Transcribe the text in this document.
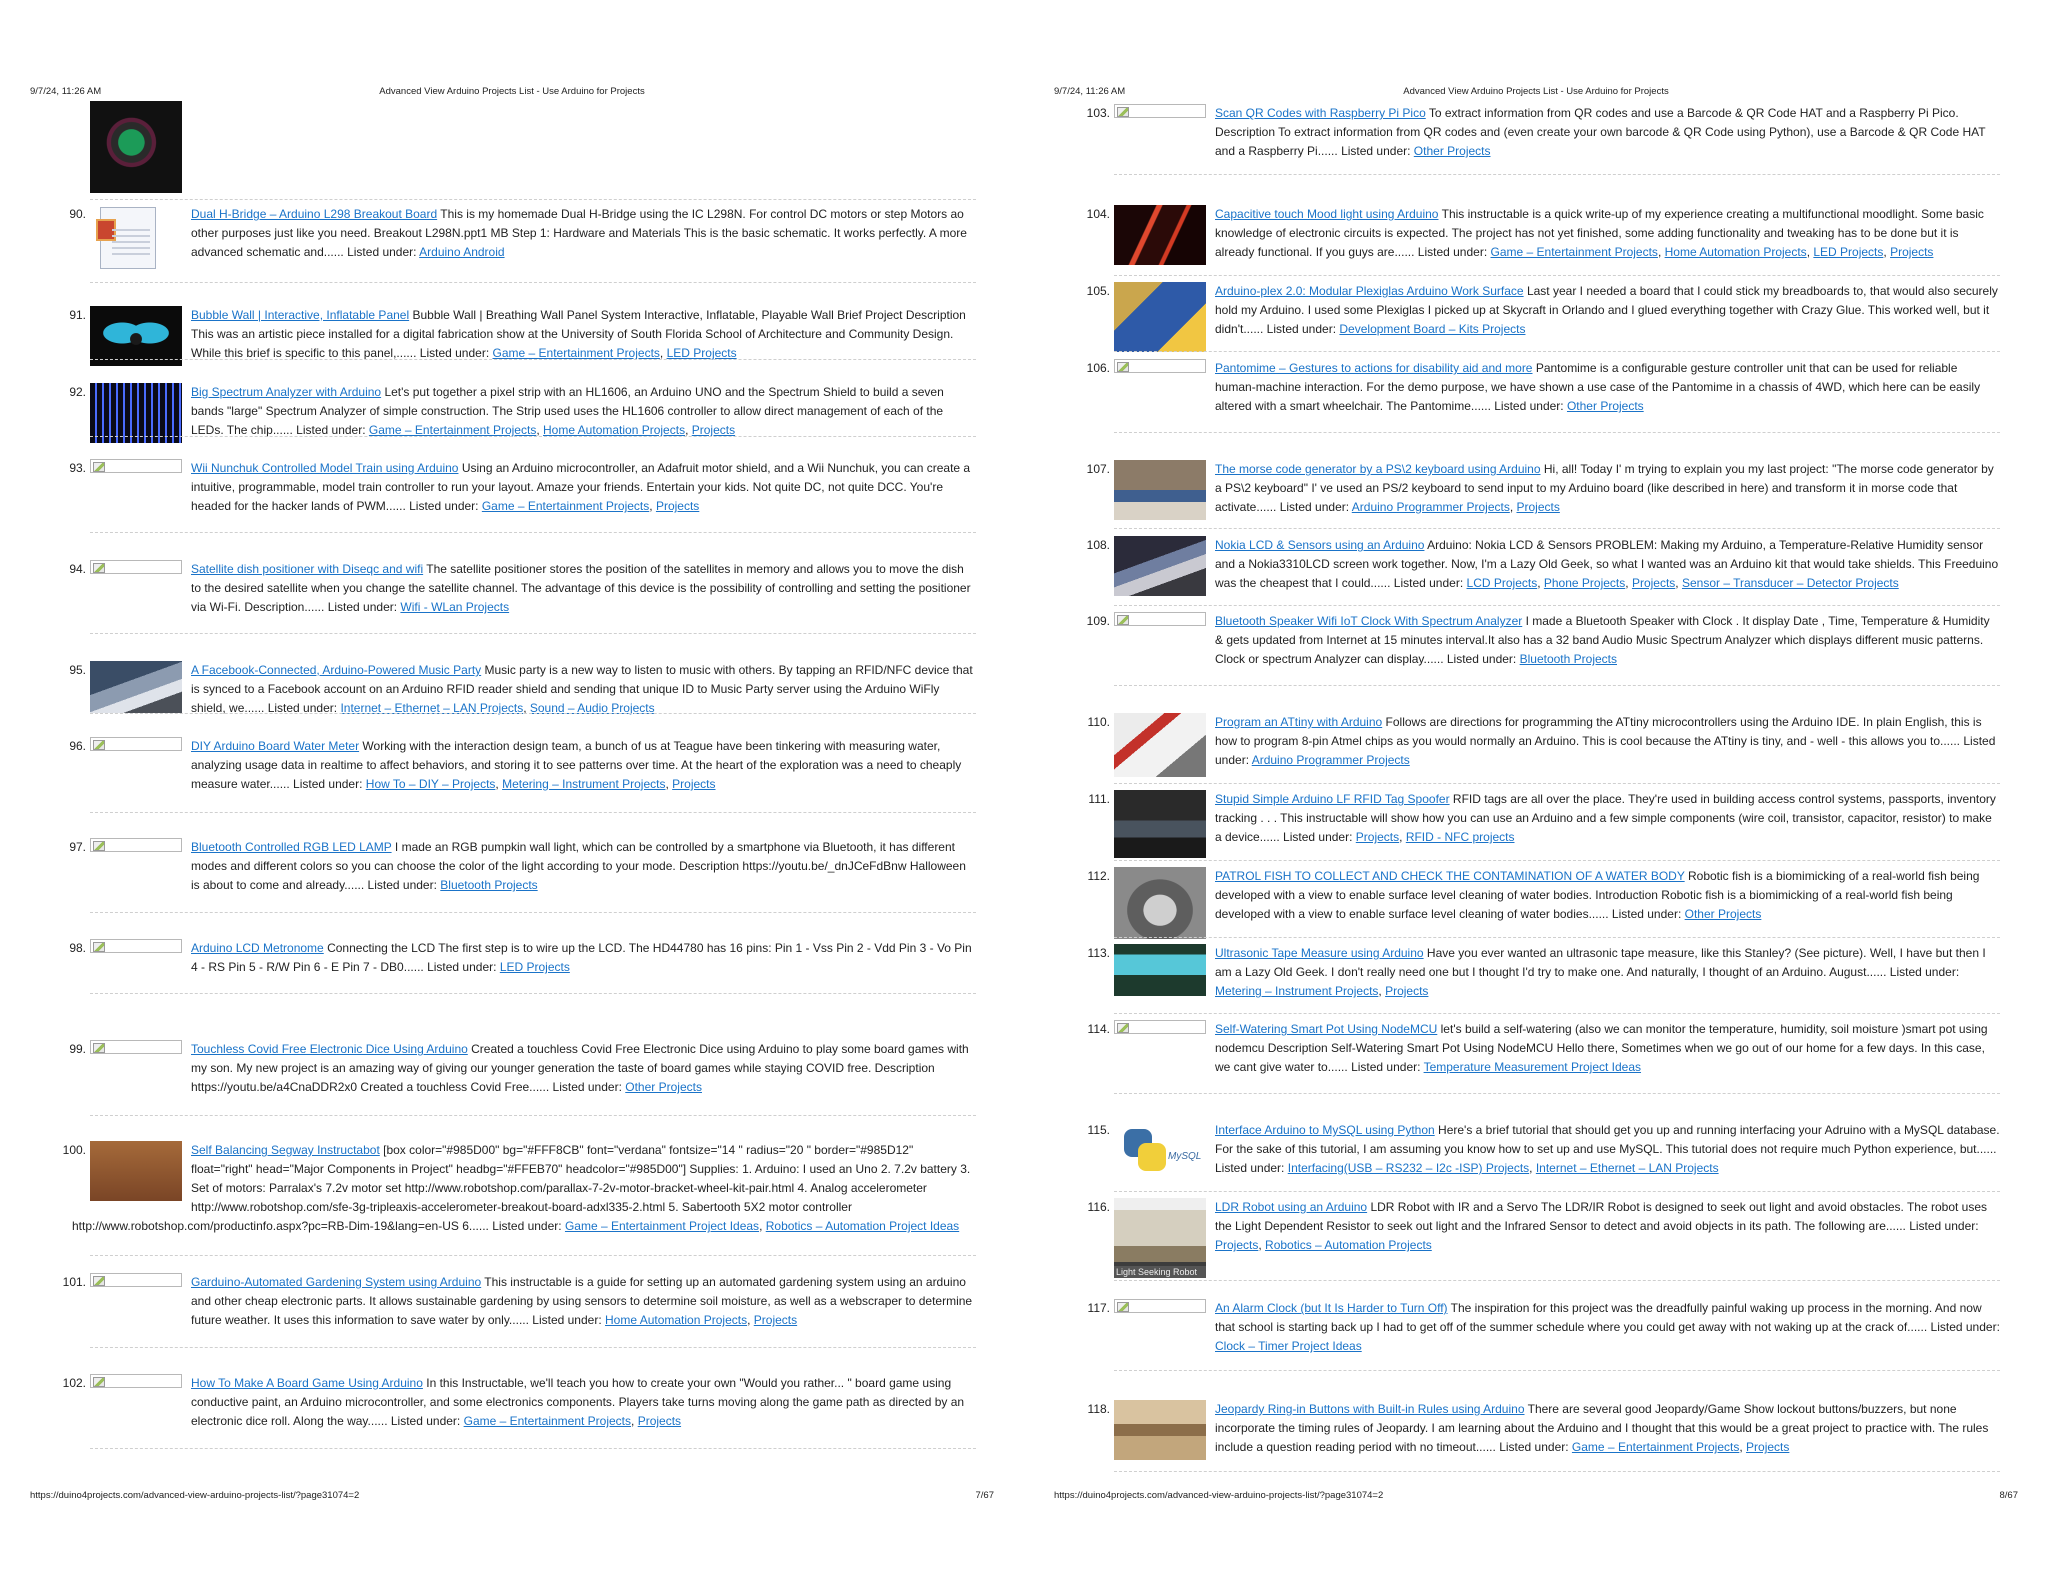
9/7/24, 11:26 AM	Advanced View Arduino Projects List - Use Arduino for Projects
90.	Dual H-Bridge – Arduino L298 Breakout Board This is my homemade Dual H-Bridge using the IC L298N. For control DC motors or step Motors ao other purposes just like you need. Breakout L298N.ppt1 MB Step 1: Hardware and Materials This is the basic schematic. It works perfectly. A more advanced schematic and...... Listed under: Arduino Android
91.	Bubble Wall | Interactive, Inflatable Panel Bubble Wall | Breathing Wall Panel System Interactive, Inflatable, Playable Wall Brief Project Description This was an artistic piece installed for a digital fabrication show at the University of South Florida School of Architecture and Community Design. While this brief is specific to this panel,...... Listed under: Game – Entertainment Projects, LED Projects
92.	Big Spectrum Analyzer with Arduino Let's put together a pixel strip with an HL1606, an Arduino UNO and the Spectrum Shield to build a seven bands "large" Spectrum Analyzer of simple construction. The Strip used uses the HL1606 controller to allow direct management of each of the LEDs. The chip...... Listed under: Game – Entertainment Projects, Home Automation Projects, Projects
93.	Wii Nunchuk Controlled Model Train using Arduino Using an Arduino microcontroller, an Adafruit motor shield, and a Wii Nunchuk, you can create a intuitive, programmable, model train controller to run your layout. Amaze your friends. Entertain your kids. Not quite DC, not quite DCC. You're headed for the hacker lands of PWM...... Listed under: Game – Entertainment Projects, Projects
94.	Satellite dish positioner with Diseqc and wifi The satellite positioner stores the position of the satellites in memory and allows you to move the dish to the desired satellite when you change the satellite channel. The advantage of this device is the possibility of controlling and setting the positioner via Wi-Fi. Description...... Listed under: Wifi - WLan Projects
95.	A Facebook-Connected, Arduino-Powered Music Party Music party is a new way to listen to music with others. By tapping an RFID/NFC device that is synced to a Facebook account on an Arduino RFID reader shield and sending that unique ID to Music Party server using the Arduino WiFly shield, we...... Listed under: Internet – Ethernet – LAN Projects, Sound – Audio Projects
96.	DIY Arduino Board Water Meter Working with the interaction design team, a bunch of us at Teague have been tinkering with measuring water, analyzing usage data in realtime to affect behaviors, and storing it to see patterns over time. At the heart of the exploration was a need to cheaply measure water...... Listed under: How To – DIY – Projects, Metering – Instrument Projects, Projects
97.	Bluetooth Controlled RGB LED LAMP I made an RGB pumpkin wall light, which can be controlled by a smartphone via Bluetooth, it has different modes and different colors so you can choose the color of the light according to your mode. Description https://youtu.be/_dnJCeFdBnw Halloween is about to come and already...... Listed under: Bluetooth Projects
98.	Arduino LCD Metronome Connecting the LCD The first step is to wire up the LCD. The HD44780 has 16 pins: Pin 1 - Vss Pin 2 - Vdd Pin 3 - Vo Pin 4 - RS Pin 5 - R/W Pin 6 - E Pin 7 - DB0...... Listed under: LED Projects
99.	Touchless Covid Free Electronic Dice Using Arduino Created a touchless Covid Free Electronic Dice using Arduino to play some board games with my son. My new project is an amazing way of giving our younger generation the taste of board games while staying COVID free. Description https://youtu.be/a4CnaDDR2x0 Created a touchless Covid Free...... Listed under: Other Projects
100.	Self Balancing Segway Instructabot [box color="#985D00" bg="#FFF8CB" font="verdana" fontsize="14 " radius="20 " border="#985D12" float="right" head="Major Components in Project" headbg="#FFEB70" headcolor="#985D00"] Supplies: 1. Arduino: I used an Uno 2. 7.2v battery 3. Set of motors: Parralax's 7.2v motor set http://www.robotshop.com/parallax-7-2v-motor-bracket-wheel-kit-pair.html 4. Analog accelerometer http://www.robotshop.com/sfe-3g-tripleaxis-accelerometer-breakout-board-adxl335-2.html 5. Sabertooth 5X2 motor controller http://www.robotshop.com/productinfo.aspx?pc=RB-Dim-19&lang=en-US 6...... Listed under: Game – Entertainment Project Ideas, Robotics – Automation Project Ideas
101.	Garduino-Automated Gardening System using Arduino This instructable is a guide for setting up an automated gardening system using an arduino and other cheap electronic parts. It allows sustainable gardening by using sensors to determine soil moisture, as well as a webscraper to determine future weather. It uses this information to save water by only...... Listed under: Home Automation Projects, Projects
102.	How To Make A Board Game Using Arduino In this Instructable, we'll teach you how to create your own "Would you rather... " board game using conductive paint, an Arduino microcontroller, and some electronics components. Players take turns moving along the game path as directed by an electronic dice roll. Along the way...... Listed under: Game – Entertainment Projects, Projects
https://duino4projects.com/advanced-view-arduino-projects-list/?page31074=2	7/67
9/7/24, 11:26 AM	Advanced View Arduino Projects List - Use Arduino for Projects
103.	Scan QR Codes with Raspberry Pi Pico To extract information from QR codes and use a Barcode & QR Code HAT and a Raspberry Pi Pico. Description To extract information from QR codes and (even create your own barcode & QR Code using Python), use a Barcode & QR Code HAT and a Raspberry Pi...... Listed under: Other Projects
104.	Capacitive touch Mood light using Arduino This instructable is a quick write-up of my experience creating a multifunctional moodlight. Some basic knowledge of electronic circuits is expected. The project has not yet finished, some adding functionality and tweaking has to be done but it is already functional. If you guys are...... Listed under: Game – Entertainment Projects, Home Automation Projects, LED Projects, Projects
105.	Arduino-plex 2.0: Modular Plexiglas Arduino Work Surface Last year I needed a board that I could stick my breadboards to, that would also securely hold my Arduino. I used some Plexiglas I picked up at Skycraft in Orlando and I glued everything together with Crazy Glue. This worked well, but it didn't...... Listed under: Development Board – Kits Projects
106.	Pantomime – Gestures to actions for disability aid and more Pantomime is a configurable gesture controller unit that can be used for reliable human-machine interaction. For the demo purpose, we have shown a use case of the Pantomime in a chassis of 4WD, which here can be easily altered with a smart wheelchair. The Pantomime...... Listed under: Other Projects
107.	The morse code generator by a PS\2 keyboard using Arduino Hi, all! Today I' m trying to explain you my last project: "The morse code generator by a PS\2 keyboard" I' ve used an PS/2 keyboard to send input to my Arduino board (like described in here) and transform it in morse code that activate...... Listed under: Arduino Programmer Projects, Projects
108.	Nokia LCD & Sensors using an Arduino Arduino: Nokia LCD & Sensors PROBLEM: Making my Arduino, a Temperature-Relative Humidity sensor and a Nokia3310LCD screen work together. Now, I'm a Lazy Old Geek, so what I wanted was an Arduino kit that would take shields. This Freeduino was the cheapest that I could...... Listed under: LCD Projects, Phone Projects, Projects, Sensor – Transducer – Detector Projects
109.	Bluetooth Speaker Wifi IoT Clock With Spectrum Analyzer I made a Bluetooth Speaker with Clock . It display Date , Time, Temperature & Humidity & gets updated from Internet at 15 minutes interval.It also has a 32 band Audio Music Spectrum Analyzer which displays different music patterns. Clock or spectrum Analyzer can display...... Listed under: Bluetooth Projects
110.	Program an ATtiny with Arduino Follows are directions for programming the ATtiny microcontrollers using the Arduino IDE. In plain English, this is how to program 8-pin Atmel chips as you would normally an Arduino. This is cool because the ATtiny is tiny, and - well - this allows you to...... Listed under: Arduino Programmer Projects
111.	Stupid Simple Arduino LF RFID Tag Spoofer RFID tags are all over the place. They're used in building access control systems, passports, inventory tracking . . . This instructable will show how you can use an Arduino and a few simple components (wire coil, transistor, capacitor, resistor) to make a device...... Listed under: Projects, RFID - NFC projects
112.	PATROL FISH TO COLLECT AND CHECK THE CONTAMINATION OF A WATER BODY Robotic fish is a biomimicking of a real-world fish being developed with a view to enable surface level cleaning of water bodies. Introduction Robotic fish is a biomimicking of a real-world fish being developed with a view to enable surface level cleaning of water bodies...... Listed under: Other Projects
113.	Ultrasonic Tape Measure using Arduino Have you ever wanted an ultrasonic tape measure, like this Stanley? (See picture). Well, I have but then I am a Lazy Old Geek. I don't really need one but I thought I'd try to make one. And naturally, I thought of an Arduino. August...... Listed under: Metering – Instrument Projects, Projects
114.	Self-Watering Smart Pot Using NodeMCU let's build a self-watering (also we can monitor the temperature, humidity, soil moisture )smart pot using nodemcu Description Self-Watering Smart Pot Using NodeMCU Hello there, Sometimes when we go out of our home for a few days. In this case, we cant give water to...... Listed under: Temperature Measurement Project Ideas
115.
MySQL
Interface Arduino to MySQL using Python Here's a brief tutorial that should get you up and running interfacing your Adruino with a MySQL database. For the sake of this tutorial, I am assuming you know how to set up and use MySQL. This tutorial does not require much Python experience, but...... Listed under: Interfacing(USB – RS232 – I2c -ISP) Projects, Internet – Ethernet – LAN Projects
116.
Light Seeking Robot
LDR Robot using an Arduino LDR Robot with IR and a Servo The LDR/IR Robot is designed to seek out light and avoid obstacles. The robot uses the Light Dependent Resistor to seek out light and the Infrared Sensor to detect and avoid objects in its path. The following are...... Listed under: Projects, Robotics – Automation Projects
117.	An Alarm Clock (but It Is Harder to Turn Off) The inspiration for this project was the dreadfully painful waking up process in the morning. And now that school is starting back up I had to get off of the summer schedule where you could get away with not waking up at the crack of...... Listed under: Clock – Timer Project Ideas
118.	Jeopardy Ring-in Buttons with Built-in Rules using Arduino There are several good Jeopardy/Game Show lockout buttons/buzzers, but none incorporate the timing rules of Jeopardy. I am learning about the Arduino and I thought that this would be a great project to practice with. The rules include a question reading period with no timeout...... Listed under: Game – Entertainment Projects, Projects
https://duino4projects.com/advanced-view-arduino-projects-list/?page31074=2	8/67
